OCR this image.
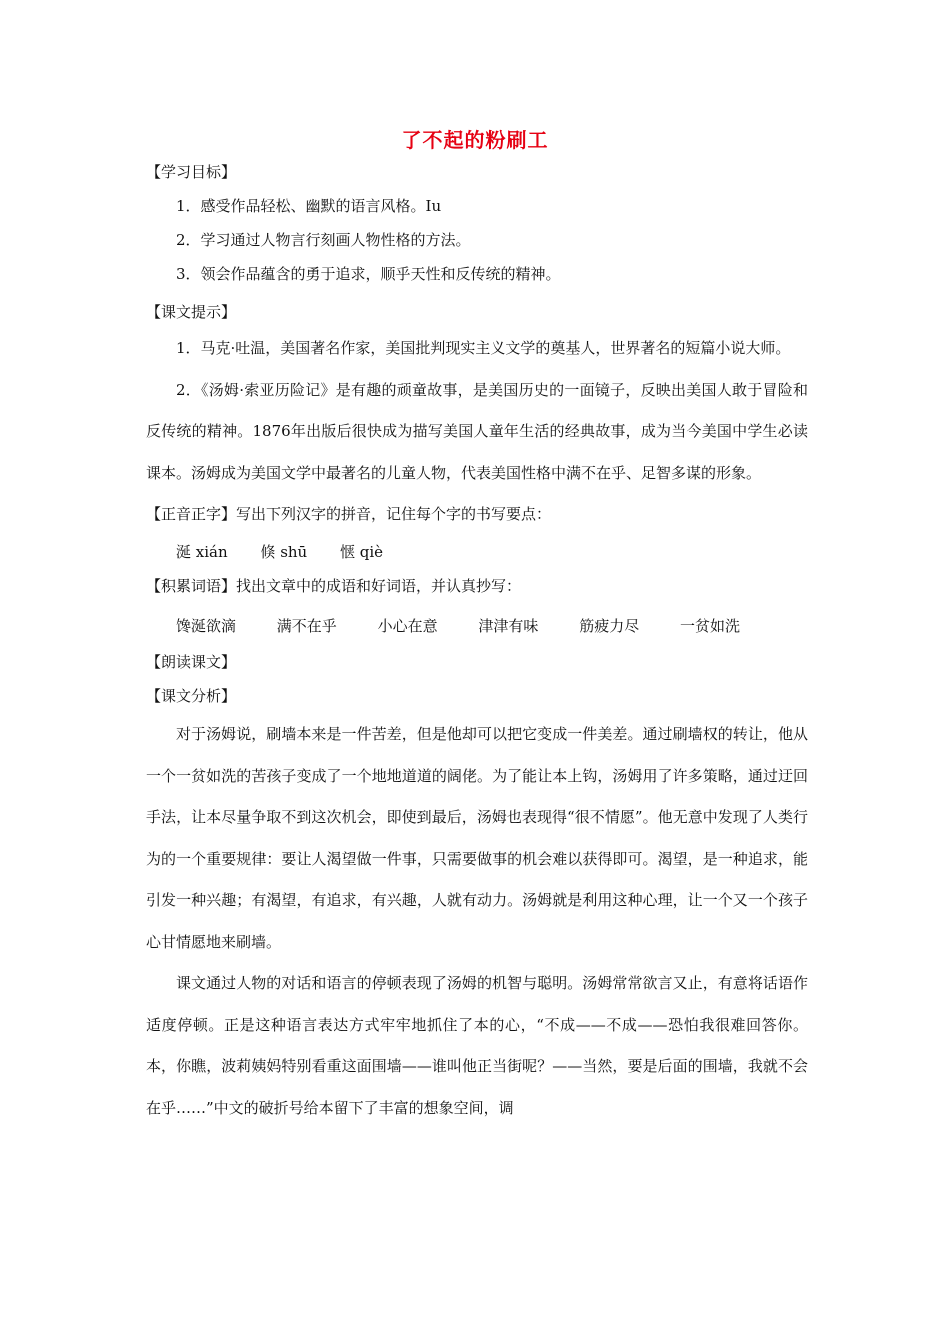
了不起的粉刷工
【学习目标】
1．感受作品轻松、幽默的语言风格。Iu
2．学习通过人物言行刻画人物性格的方法。
3．领会作品蕴含的勇于追求，顺乎天性和反传统的精神。
【课文提示】
1．马克·吐温，美国著名作家，美国批判现实主义文学的奠基人，世界著名的短篇小说大师。
2．《汤姆·索亚历险记》是有趣的顽童故事，是美国历史的一面镜子，反映出美国人敢于冒险和反传统的精神。1876年出版后很快成为描写美国人童年生活的经典故事，成为当今美国中学生必读课本。汤姆成为美国文学中最著名的儿童人物，代表美国性格中满不在乎、足智多谋的形象。
【正音正字】写出下列汉字的拼音，记住每个字的书写要点：
涎 xián 倏 shū 惬 qiè
【积累词语】找出文章中的成语和好词语，并认真抄写：
馋涎欲滴	满不在乎	小心在意	津津有味	筋疲力尽	一贫如洗
【朗读课文】
【课文分析】
对于汤姆说，刷墙本来是一件苦差，但是他却可以把它变成一件美差。通过刷墙权的转让，他从一个一贫如洗的苦孩子变成了一个地地道道的阔佬。为了能让本上钩，汤姆用了许多策略，通过迂回手法，让本尽量争取不到这次机会，即使到最后，汤姆也表现得“很不情愿”。他无意中发现了人类行为的一个重要规律：要让人渴望做一件事，只需要做事的机会难以获得即可。渴望，是一种追求，能引发一种兴趣；有渴望，有追求，有兴趣，人就有动力。汤姆就是利用这种心理，让一个又一个孩子心甘情愿地来刷墙。
课文通过人物的对话和语言的停顿表现了汤姆的机智与聪明。汤姆常常欲言又止，有意将话语作适度停顿。正是这种语言表达方式牢牢地抓住了本的心，“不成——不成——恐怕我很难回答你。本，你瞧，波莉姨妈特别看重这面围墙——谁叫他正当街呢？——当然，要是后面的围墙，我就不会在乎……”中文的破折号给本留下了丰富的想象空间，调
